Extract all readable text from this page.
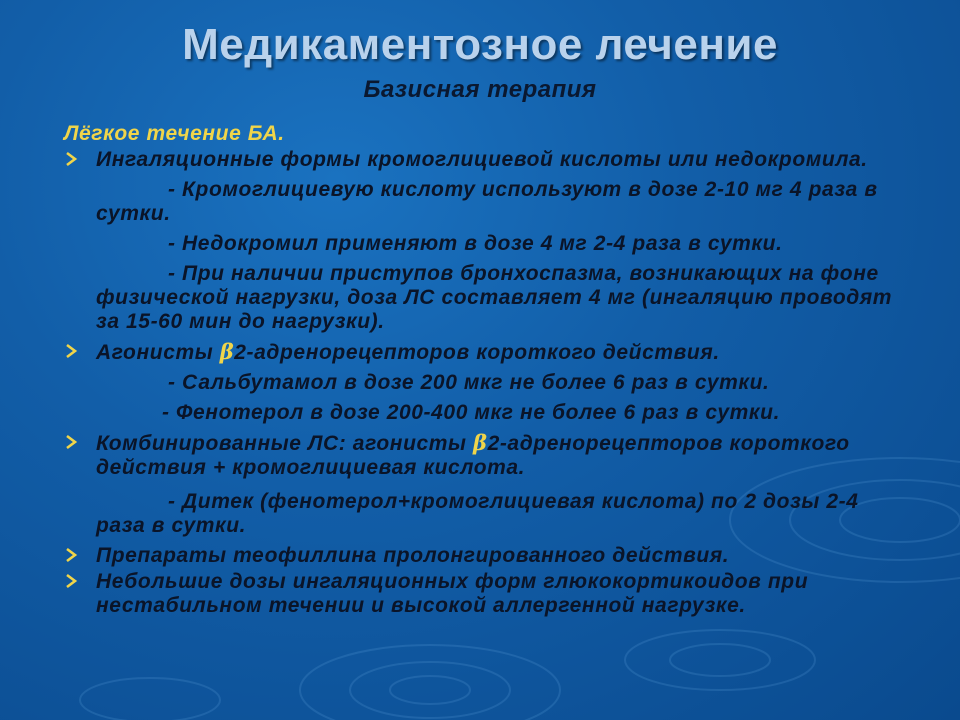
Медикаментозное лечение
Базисная терапия
Лёгкое течение БА.
Ингаляционные формы кромоглициевой кислоты или недокромила.
- Кромоглициевую кислоту используют в дозе 2-10 мг 4 раза в сутки.
- Недокромил применяют в дозе 4 мг 2-4 раза в сутки.
- При наличии приступов бронхоспазма, возникающих на фоне физической нагрузки, доза ЛС составляет 4 мг (ингаляцию проводят за 15-60 мин до нагрузки).
Агонисты β2-адренорецепторов короткого действия.
- Сальбутамол в дозе 200 мкг не более 6 раз в сутки.
- Фенотерол в дозе 200-400 мкг не более 6 раз в сутки.
Комбинированные ЛС: агонисты β2-адренорецепторов короткого действия + кромоглициевая кислота.
- Дитек (фенотерол+кромоглициевая кислота) по 2 дозы 2-4 раза в сутки.
Препараты теофиллина пролонгированного действия.
Небольшие дозы ингаляционных форм глюкокортикоидов при нестабильном течении и высокой аллергенной нагрузке.
